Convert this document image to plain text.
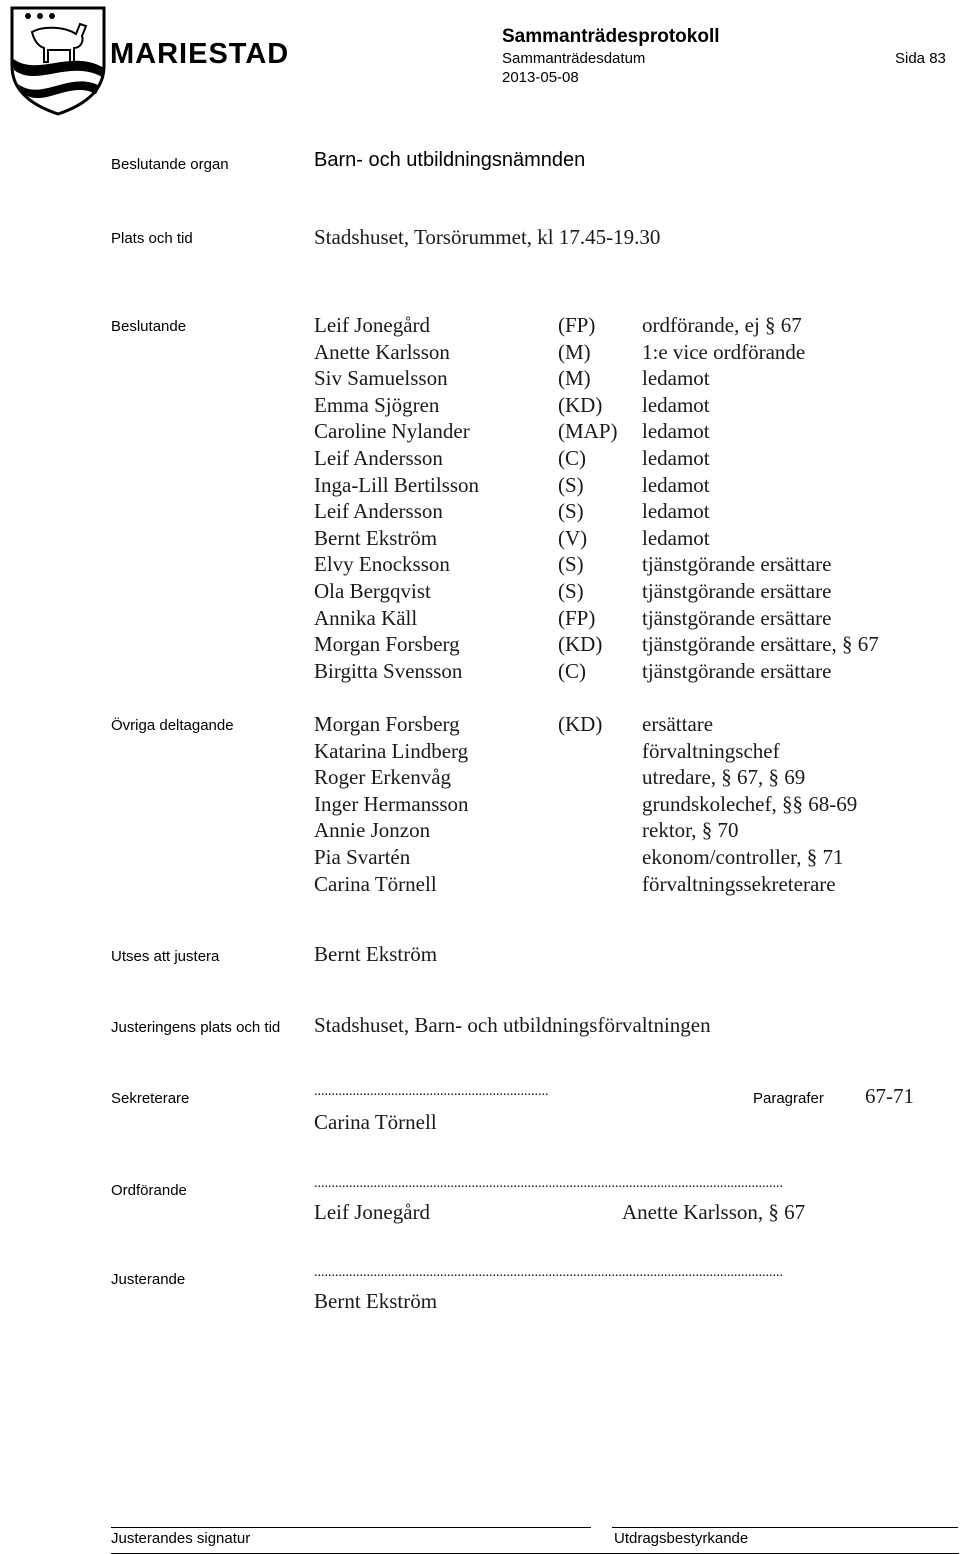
MARIESTAD
Sammanträdesprotokoll
Sammanträdesdatum
2013-05-08
Sida 83
Beslutande organ	Barn- och utbildningsnämnden
Plats och tid	Stadshuset, Torsörummet, kl 17.45-19.30
Beslutande	Leif Jonegård	(FP) ordförande, ej § 67
Anette Karlsson	(M) 1:e vice ordförande
Siv Samuelsson	(M) ledamot
Emma Sjögren	(KD) ledamot
Caroline Nylander	(MAP) ledamot
Leif Andersson	(C)	ledamot
Inga-Lill Bertilsson	(S)	ledamot
Leif Andersson	(S)	ledamot
Bernt Ekström	(V)	ledamot
Elvy Enocksson	(S)	tjänstgörande ersättare
Ola Bergqvist	(S)	tjänstgörande ersättare
Annika Käll	(FP) tjänstgörande ersättare
Morgan Forsberg	(KD) tjänstgörande ersättare, § 67
Birgitta Svensson	(C)	tjänstgörande ersättare
Övriga deltagande	Morgan Forsberg	(KD) ersättare
Katarina Lindberg	förvaltningschef
Roger Erkenvåg	utredare, § 67, § 69
Inger Hermansson	grundskolechef, §§ 68-69
Annie Jonzon	rektor, § 70
Pia Svartén	ekonom/controller, § 71
Carina Törnell	förvaltningssekreterare
Utses att justera	Bernt Ekström
Justeringens plats och tid Stadshuset, Barn- och utbildningsförvaltningen
Sekreterare	...................................................................	Paragrafer 67-71
Carina Törnell
Ordförande	......................................................................................................................................
Leif Jonegård	Anette Karlsson, § 67
Justerande	......................................................................................................................................
Bernt Ekström
Justerandes signatur	Utdragsbestyrkande
